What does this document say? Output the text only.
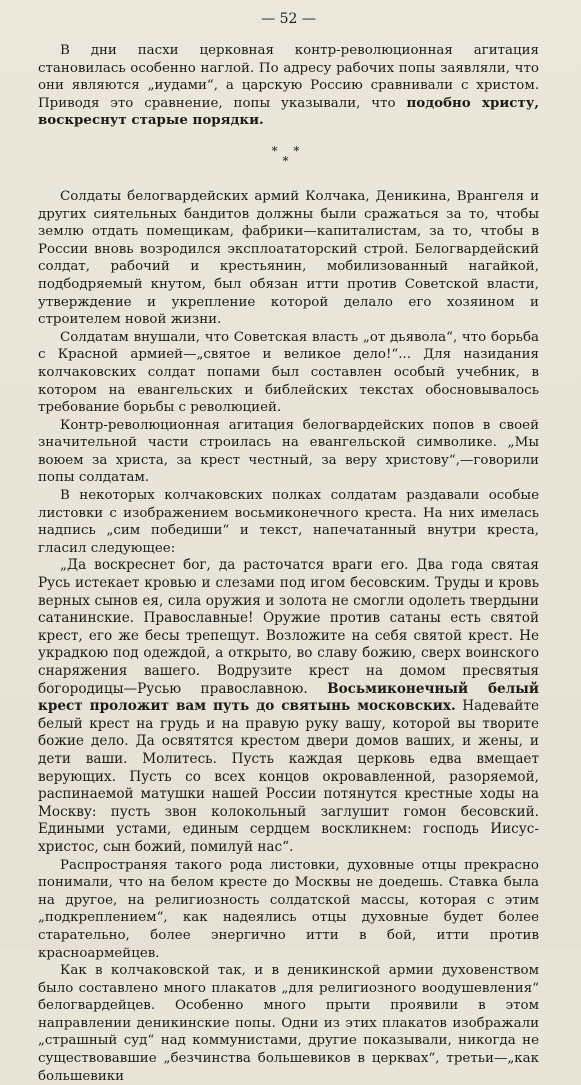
— 52 —

В дни пасхи церковная контр-революционная агитация становилась особенно наглой. По адресу рабочих попы заявляли, что они являются „иудами“, а царскую Россию сравнивали с христом. Приводя это сравнение, попы указывали, что подобно христу, воскреснут старые порядки.

* *
*

Солдаты белогвардейских армий Колчака, Деникина, Врангеля и других сиятельных бандитов должны были сражаться за то, чтобы землю отдать помещикам, фабрики—капиталистам, за то, чтобы в России вновь возродился эксплоататорский строй. Белогвардейский солдат, рабочий и крестьянин, мобилизованный нагайкой, подбодряемый кнутом, был обязан итти против Советской власти, утверждение и укрепление которой делало его хозяином и строителем новой жизни.

Солдатам внушали, что Советская власть „от дьявола“, что борьба с Красной армией—„святое и великое дело!“... Для назидания колчаковских солдат попами был составлен особый учебник, в котором на евангельских и библейских текстах обосновывалось требование борьбы с революцией.

Контр-революционная агитация белогвардейских попов в своей значительной части строилась на евангельской символике. „Мы воюем за христа, за крест честный, за веру христову“,—говорили попы солдатам.

В некоторых колчаковских полках солдатам раздавали особые листовки с изображением восьмиконечного креста. На них имелась надпись „сим победиши“ и текст, напечатанный внутри креста, гласил следующее:

„Да воскреснет бог, да расточатся враги его. Два года святая Русь истекает кровью и слезами под игом бесовским. Труды и кровь верных сынов ея, сила оружия и золота не смогли одолеть твердыни сатанинские. Православные! Оружие против сатаны есть святой крест, его же бесы трепещут. Возложите на себя святой крест. Не украдкою под одеждой, а открыто, во славу божию, сверх воинского снаряжения вашего. Водрузите крест на домом пресвятыя богородицы—Русью православною. Восьмиконечный белый крест проложит вам путь до святынь московских. Надевайте белый крест на грудь и на правую руку вашу, которой вы творите божие дело. Да освятятся крестом двери домов ваших, и жены, и дети ваши. Молитесь. Пусть каждая церковь едва вмещает верующих. Пусть со всех концов окровавленной, разоряемой, распинаемой матушки нашей России потянутся крестные ходы на Москву: пусть звон колокольный заглушит гомон бесовский. Едиными устами, единым сердцем воскликнем: господь Иисус-христос, сын божий, помилуй нас“.

Распространяя такого рода листовки, духовные отцы прекрасно понимали, что на белом кресте до Москвы не доедешь. Ставка была на другое, на религиозность солдатской массы, которая с этим „подкреплением“, как надеялись отцы духовные будет более старательно, более энергично итти в бой, итти против красноармейцев.

Как в колчаковской так, и в деникинской армии духовенством было составлено много плакатов „для религиозного воодушевления“ белогвардейцев. Особенно много прыти проявили в этом направлении деникинские попы. Одни из этих плакатов изображали „страшный суд“ над коммунистами, другие показывали, никогда не существовавшие „безчинства большевиков в церквах“, третьи—„как большевики
